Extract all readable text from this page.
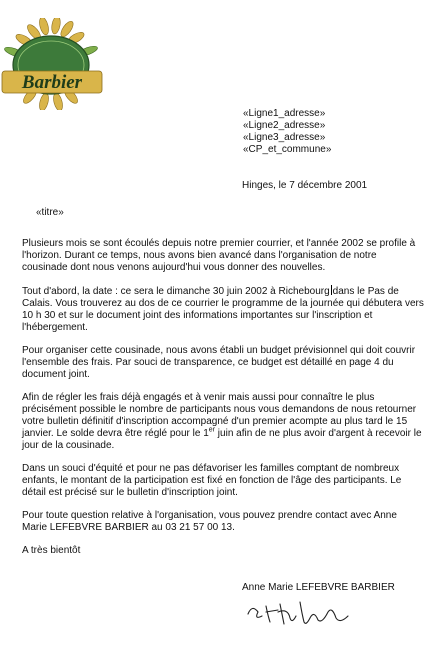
Barbier
«Ligne1_adresse»
«Ligne2_adresse»
«Ligne3_adresse»
«CP_et_commune»
Hinges, le 7 décembre 2001
«titre»

Plusieurs mois se sont écoulés depuis notre premier courrier, et l'année 2002 se profile à l'horizon. Durant ce temps, nous avons bien avancé dans l'organisation de notre cousinade dont nous venons aujourd'hui vous donner des nouvelles.

Tout d'abord, la date : ce sera le dimanche 30 juin 2002 à Richebourg dans le Pas de Calais. Vous trouverez au dos de ce courrier le programme de la journée qui débutera vers 10 h 30 et sur le document joint des informations importantes sur l'inscription et l'hébergement.

Pour organiser cette cousinade, nous avons établi un budget prévisionnel qui doit couvrir l'ensemble des frais. Par souci de transparence, ce budget est détaillé en page 4 du document joint.

Afin de régler les frais déjà engagés et à venir mais aussi pour connaître le plus précisément possible le nombre de participants nous vous demandons de nous retourner votre bulletin définitif d'inscription accompagné d'un premier acompte au plus tard le 15 janvier. Le solde devra être réglé pour le 1er juin afin de ne plus avoir d'argent à recevoir le jour de la cousinade.

Dans un souci d'équité et pour ne pas défavoriser les familles comptant de nombreux enfants, le montant de la participation est fixé en fonction de l'âge des participants. Le détail est précisé sur le bulletin d'inscription joint.

Pour toute question relative à l'organisation, vous pouvez prendre contact avec Anne Marie LEFEBVRE BARBIER au 03 21 57 00 13.

A très bientôt

Anne Marie LEFEBVRE BARBIER
